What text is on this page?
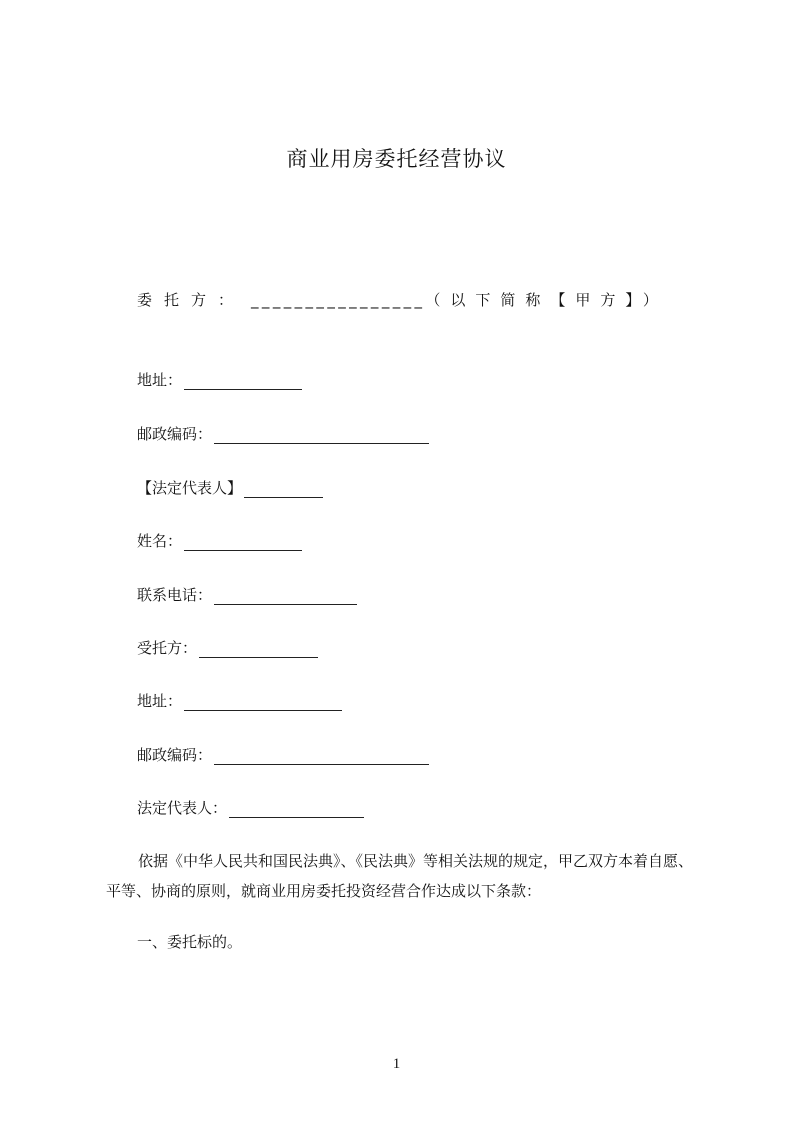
商业用房委托经营协议
委托方： ________________（以下简称【甲方】）
地址：
邮政编码：
【法定代表人】
姓名：
联系电话：
受托方：
地址：
邮政编码：
法定代表人：
依据《中华人民共和国民法典》、《民法典》等相关法规的规定，甲乙双方本着自愿、平等、协商的原则，就商业用房委托投资经营合作达成以下条款：
一、委托标的。
1
